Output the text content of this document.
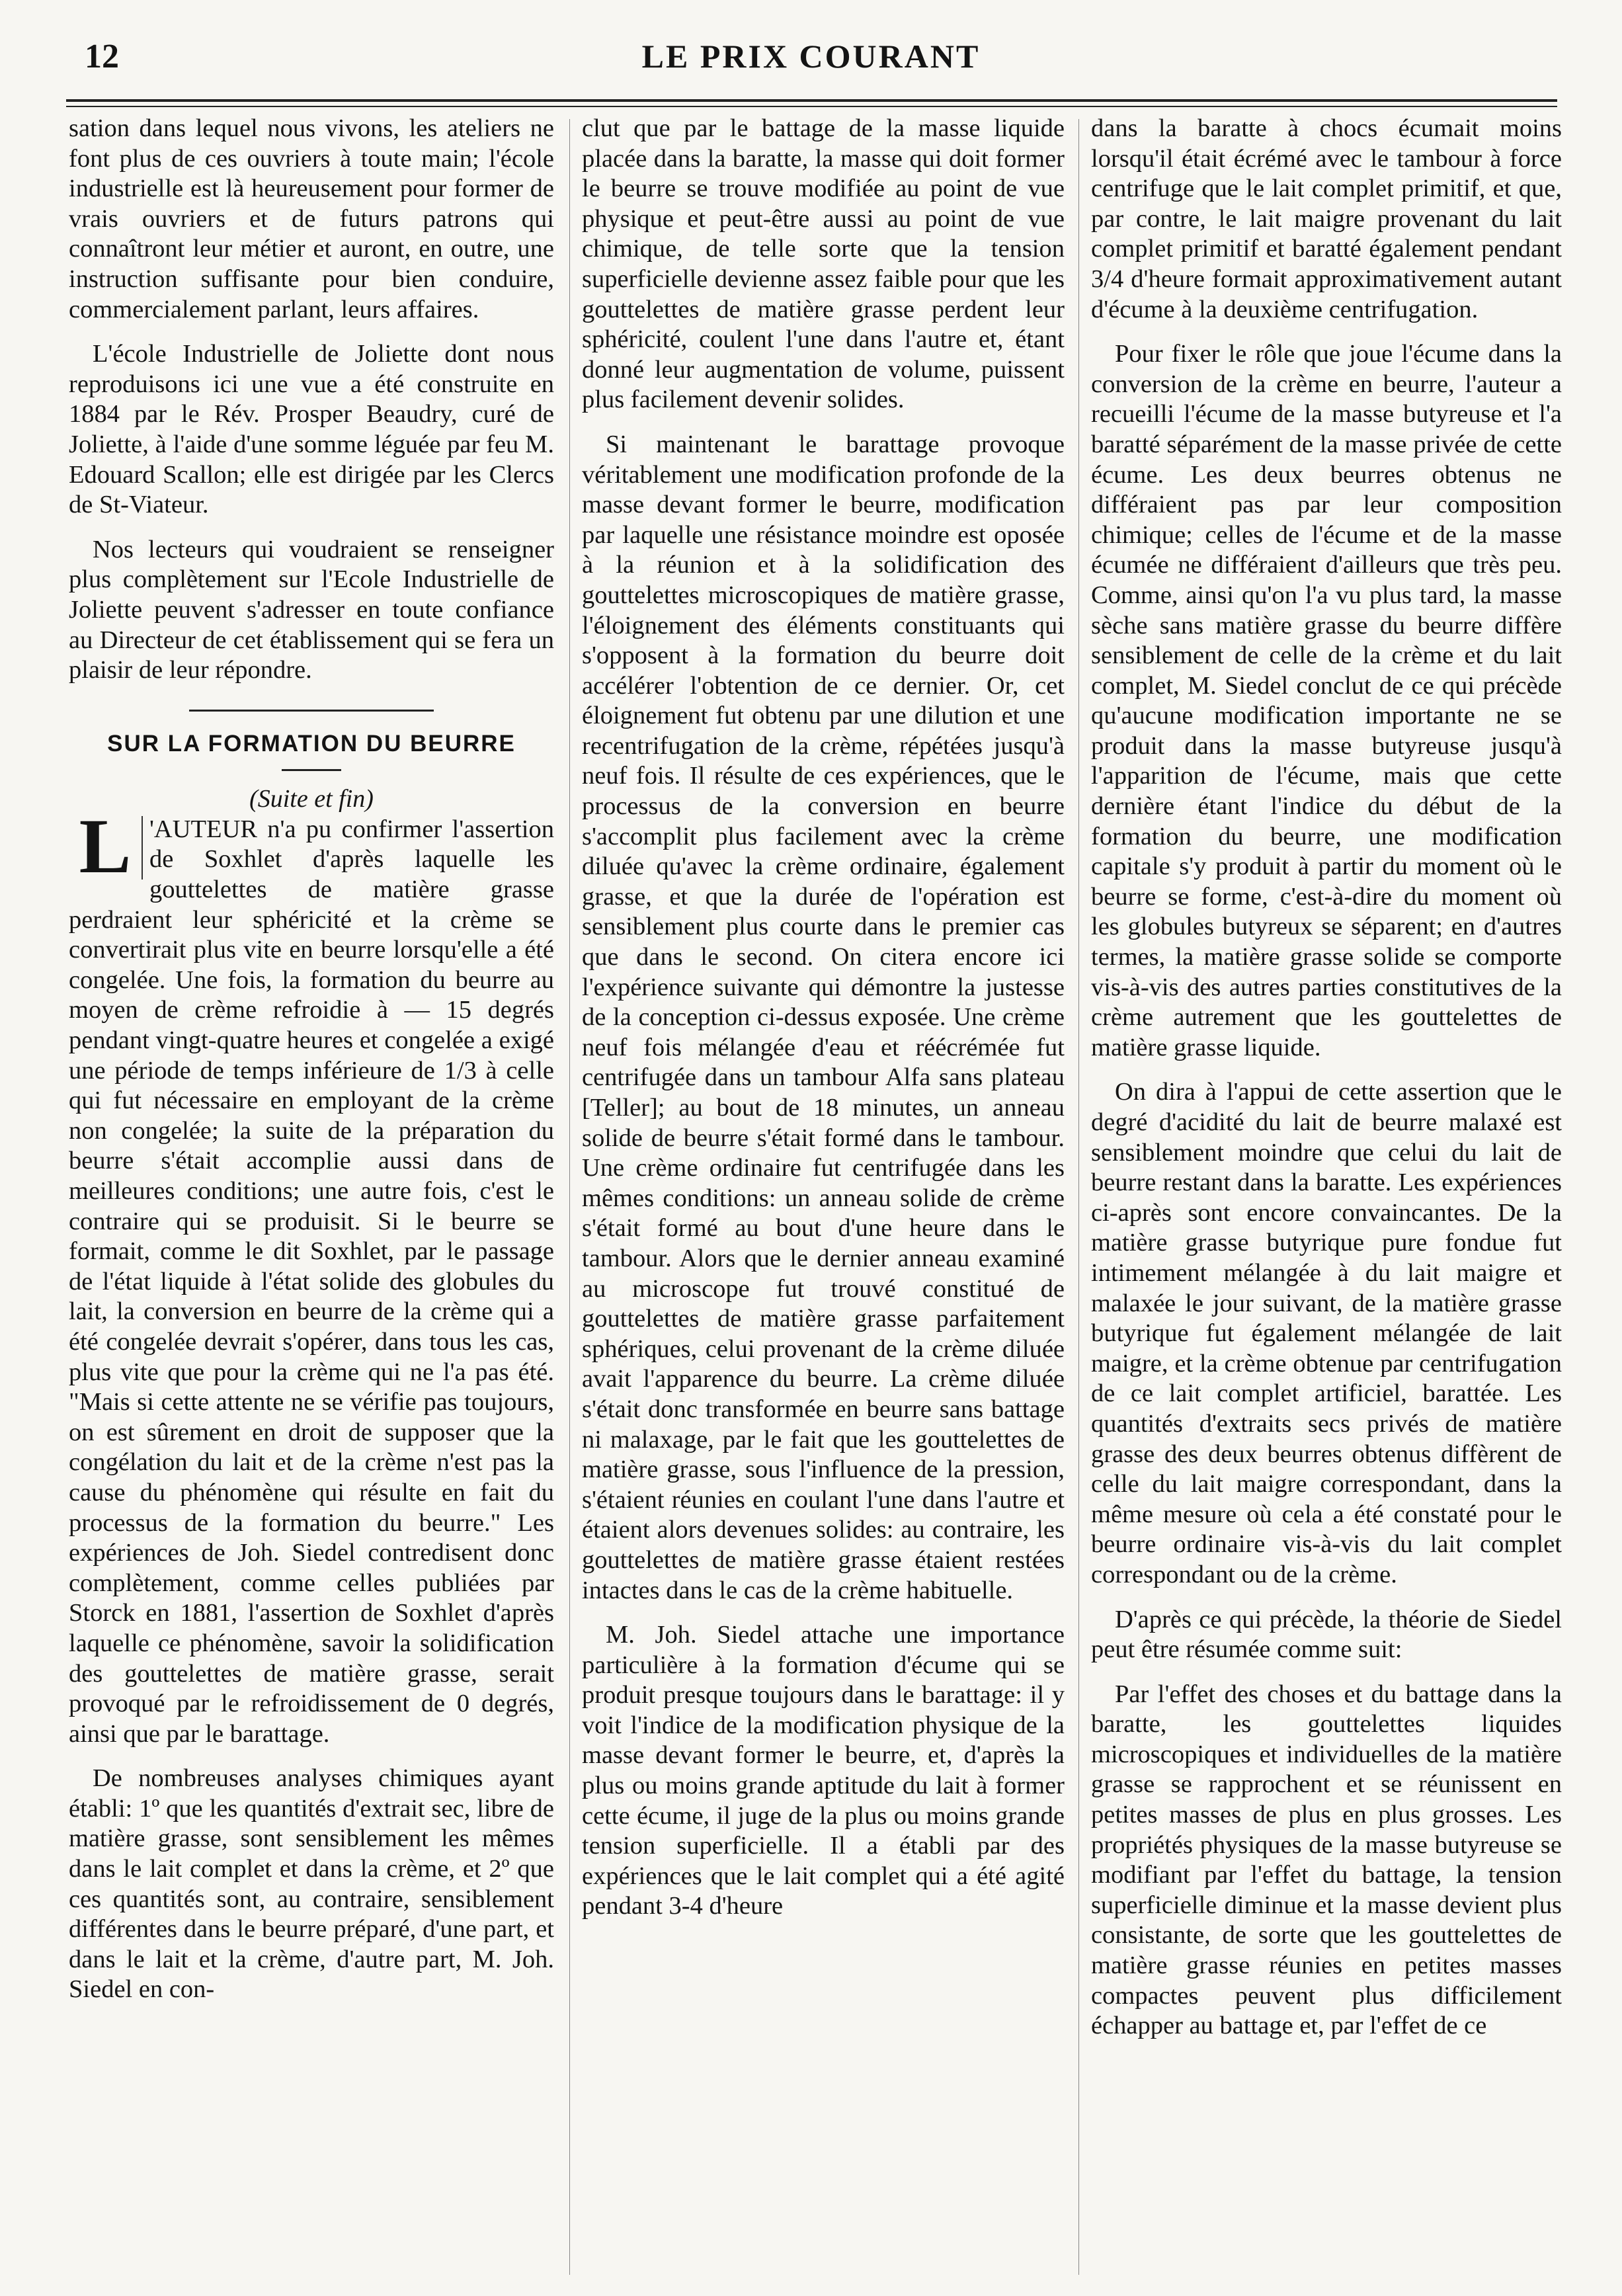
12	LE PRIX COURANT

sation dans lequel nous vivons, les ateliers ne font plus de ces ouvriers à toute main; l'école industrielle est là heureusement pour former de vrais ouvriers et de futurs patrons qui connaîtront leur métier et auront, en outre, une instruction suffisante pour bien conduire, commercialement parlant, leurs affaires.

L'école Industrielle de Joliette dont nous reproduisons ici une vue a été construite en 1884 par le Rév. Prosper Beaudry, curé de Joliette, à l'aide d'une somme léguée par feu M. Edouard Scallon; elle est dirigée par les Clercs de St-Viateur.

Nos lecteurs qui voudraient se renseigner plus complètement sur l'Ecole Industrielle de Joliette peuvent s'adresser en toute confiance au Directeur de cet établissement qui se fera un plaisir de leur répondre.

SUR LA FORMATION DU BEURRE

(Suite et fin)

L 'AUTEUR n'a pu confirmer l'assertion de Soxhlet d'après laquelle les gouttelettes de matière grasse perdraient leur sphéricité et la crème se convertirait plus vite en beurre lorsqu'elle a été congelée. Une fois, la formation du beurre au moyen de crème refroidie à — 15 degrés pendant vingt-quatre heures et congelée a exigé une période de temps inférieure de 1/3 à celle qui fut nécessaire en employant de la crème non congelée; la suite de la préparation du beurre s'était accomplie aussi dans de meilleures conditions; une autre fois, c'est le contraire qui se produisit. Si le beurre se formait, comme le dit Soxhlet, par le passage de l'état liquide à l'état solide des globules du lait, la conversion en beurre de la crème qui a été congelée devrait s'opérer, dans tous les cas, plus vite que pour la crème qui ne l'a pas été. "Mais si cette attente ne se vérifie pas toujours, on est sûrement en droit de supposer que la congélation du lait et de la crème n'est pas la cause du phénomène qui résulte en fait du processus de la formation du beurre." Les expériences de Joh. Siedel contredisent donc complètement, comme celles publiées par Storck en 1881, l'assertion de Soxhlet d'après laquelle ce phénomène, savoir la solidification des gouttelettes de matière grasse, serait provoqué par le refroidissement de 0 degrés, ainsi que par le barattage.

De nombreuses analyses chimiques ayant établi: 1º que les quantités d'extrait sec, libre de matière grasse, sont sensiblement les mêmes dans le lait complet et dans la crème, et 2º que ces quantités sont, au contraire, sensiblement différentes dans le beurre préparé, d'une part, et dans le lait et la crème, d'autre part, M. Joh. Siedel en con-

clut que par le battage de la masse liquide placée dans la baratte, la masse qui doit former le beurre se trouve modifiée au point de vue physique et peut-être aussi au point de vue chimique, de telle sorte que la tension superficielle devienne assez faible pour que les gouttelettes de matière grasse perdent leur sphéricité, coulent l'une dans l'autre et, étant donné leur augmentation de volume, puissent plus facilement devenir solides.

Si maintenant le barattage provoque véritablement une modification profonde de la masse devant former le beurre, modification par laquelle une résistance moindre est oposée à la réunion et à la solidification des gouttelettes microscopiques de matière grasse, l'éloignement des éléments constituants qui s'opposent à la formation du beurre doit accélérer l'obtention de ce dernier. Or, cet éloignement fut obtenu par une dilution et une recentrifugation de la crème, répétées jusqu'à neuf fois. Il résulte de ces expériences, que le processus de la conversion en beurre s'accomplit plus facilement avec la crème diluée qu'avec la crème ordinaire, également grasse, et que la durée de l'opération est sensiblement plus courte dans le premier cas que dans le second. On citera encore ici l'expérience suivante qui démontre la justesse de la conception ci-dessus exposée. Une crème neuf fois mélangée d'eau et réécrémée fut centrifugée dans un tambour Alfa sans plateau [Teller]; au bout de 18 minutes, un anneau solide de beurre s'était formé dans le tambour. Une crème ordinaire fut centrifugée dans les mêmes conditions: un anneau solide de crème s'était formé au bout d'une heure dans le tambour. Alors que le dernier anneau examiné au microscope fut trouvé constitué de gouttelettes de matière grasse parfaitement sphériques, celui provenant de la crème diluée avait l'apparence du beurre. La crème diluée s'était donc transformée en beurre sans battage ni malaxage, par le fait que les gouttelettes de matière grasse, sous l'influence de la pression, s'étaient réunies en coulant l'une dans l'autre et étaient alors devenues solides: au contraire, les gouttelettes de matière grasse étaient restées intactes dans le cas de la crème habituelle.

M. Joh. Siedel attache une importance particulière à la formation d'écume qui se produit presque toujours dans le barattage: il y voit l'indice de la modification physique de la masse devant former le beurre, et, d'après la plus ou moins grande aptitude du lait à former cette écume, il juge de la plus ou moins grande tension superficielle. Il a établi par des expériences que le lait complet qui a été agité pendant 3-4 d'heure

dans la baratte à chocs écumait moins lorsqu'il était écrémé avec le tambour à force centrifuge que le lait complet primitif, et que, par contre, le lait maigre provenant du lait complet primitif et baratté également pendant 3/4 d'heure formait approximativement autant d'écume à la deuxième centrifugation.

Pour fixer le rôle que joue l'écume dans la conversion de la crème en beurre, l'auteur a recueilli l'écume de la masse butyreuse et l'a baratté séparément de la masse privée de cette écume. Les deux beurres obtenus ne différaient pas par leur composition chimique; celles de l'écume et de la masse écumée ne différaient d'ailleurs que très peu. Comme, ainsi qu'on l'a vu plus tard, la masse sèche sans matière grasse du beurre diffère sensiblement de celle de la crème et du lait complet, M. Siedel conclut de ce qui précède qu'aucune modification importante ne se produit dans la masse butyreuse jusqu'à l'apparition de l'écume, mais que cette dernière étant l'indice du début de la formation du beurre, une modification capitale s'y produit à partir du moment où le beurre se forme, c'est-à-dire du moment où les globules butyreux se séparent; en d'autres termes, la matière grasse solide se comporte vis-à-vis des autres parties constitutives de la crème autrement que les gouttelettes de matière grasse liquide.

On dira à l'appui de cette assertion que le degré d'acidité du lait de beurre malaxé est sensiblement moindre que celui du lait de beurre restant dans la baratte. Les expériences ci-après sont encore convaincantes. De la matière grasse butyrique pure fondue fut intimement mélangée à du lait maigre et malaxée le jour suivant, de la matière grasse butyrique fut également mélangée de lait maigre, et la crème obtenue par centrifugation de ce lait complet artificiel, barattée. Les quantités d'extraits secs privés de matière grasse des deux beurres obtenus diffèrent de celle du lait maigre correspondant, dans la même mesure où cela a été constaté pour le beurre ordinaire vis-à-vis du lait complet correspondant ou de la crème.

D'après ce qui précède, la théorie de Siedel peut être résumée comme suit:

Par l'effet des choses et du battage dans la baratte, les gouttelettes liquides microscopiques et individuelles de la matière grasse se rapprochent et se réunissent en petites masses de plus en plus grosses. Les propriétés physiques de la masse butyreuse se modifiant par l'effet du battage, la tension superficielle diminue et la masse devient plus consistante, de sorte que les gouttelettes de matière grasse réunies en petites masses compactes peuvent plus difficilement échapper au battage et, par l'effet de ce
